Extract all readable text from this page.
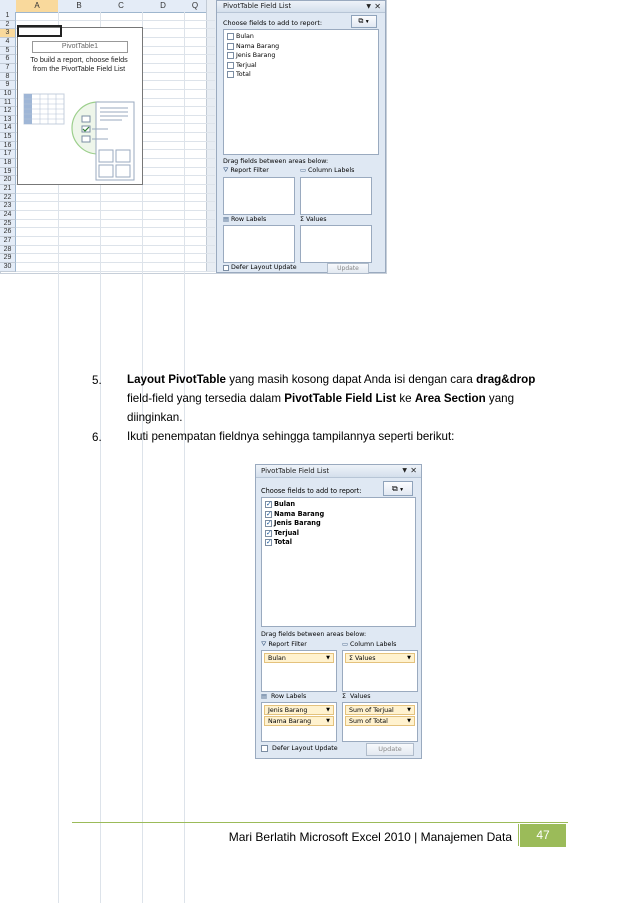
A	B	C	D	Q
1
2
3
4
5
6
7
8
9
10
11
12
13
14
15
16
17
18
19
20
21
22
23
24
25
26
27
28
29
30
PivotTable1
To build a report, choose fields
from the PivotTable Field List
PivotTable Field List	▼ ✕
Choose fields to add to report:	⧉ ▼
Bulan
Nama Barang
Jenis Barang
Terjual
Total
Drag fields between areas below:
⛛ Report Filter	▭ Column Labels
▤ Row Labels	Σ Values

Defer Layout Update	Update
5. Layout PivotTable yang masih kosong dapat Anda isi dengan cara drag&drop
field-field yang tersedia dalam PivotTable Field List ke Area Section yang
diinginkan.
6. Ikuti penempatan fieldnya sehingga tampilannya seperti berikut:
PivotTable Field List	▼ ✕
Choose fields to add to report:	⧉ ▼
✓
Bulan
✓
Nama Barang
✓
Jenis Barang
✓
Terjual
✓
Total
Drag fields between areas below:
⛛ Report Filter	▭ Column Labels
Bulan	▼	Σ Values	▼
▤ Row Labels	Σ Values
Jenis Barang	▼
Nama Barang	▼
Sum of Terjual	▼
Sum of Total	▼

Defer Layout Update	Update
Mari Berlatih Microsoft Excel 2010 | Manajemen Data	47
